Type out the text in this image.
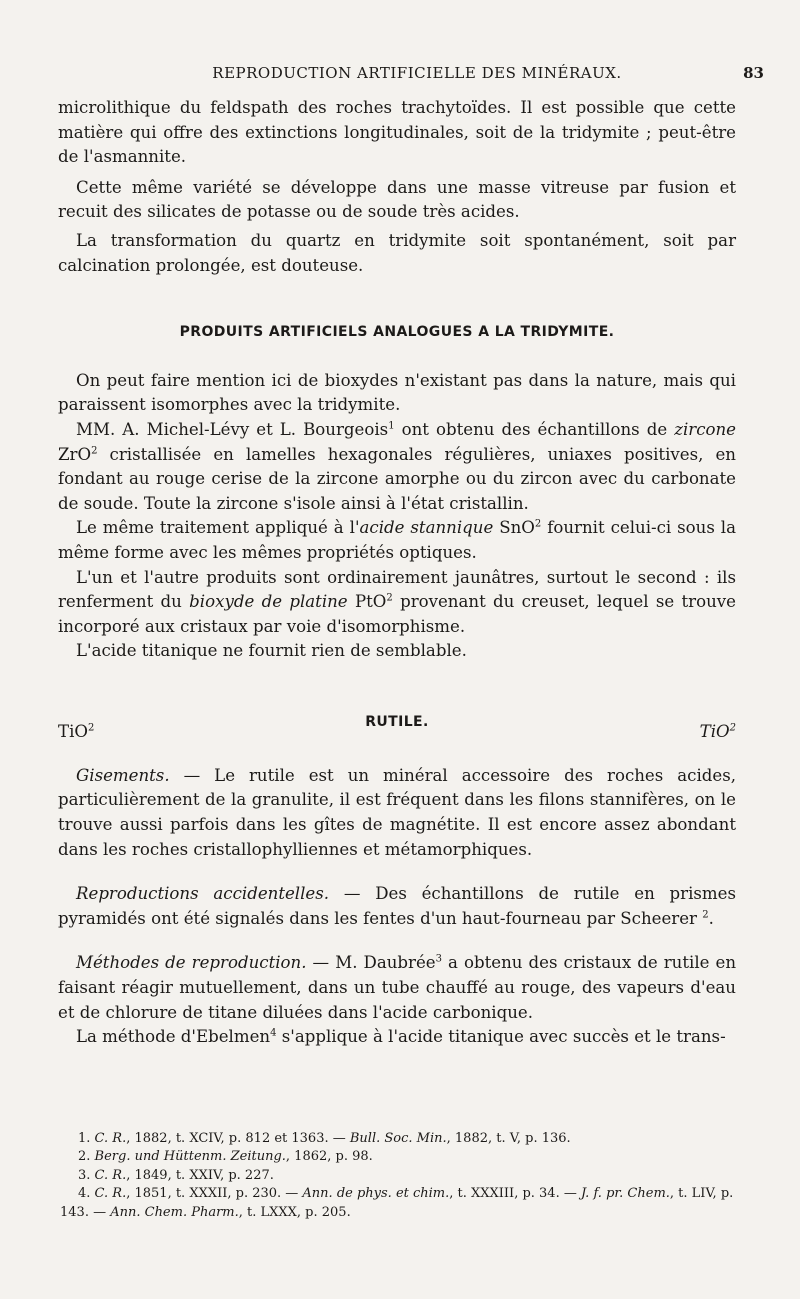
REPRODUCTION ARTIFICIELLE DES MINÉRAUX.	83

microlithique du feldspath des roches trachytoïdes. Il est possible que cette matière qui offre des extinctions longitudinales, soit de la tridymite ; peut-être de l'asmannite.

Cette même variété se développe dans une masse vitreuse par fusion et recuit des silicates de potasse ou de soude très acides.

La transformation du quartz en tridymite soit spontanément, soit par calcination prolongée, est douteuse.

PRODUITS ARTIFICIELS ANALOGUES A LA TRIDYMITE.

On peut faire mention ici de bioxydes n'existant pas dans la nature, mais qui paraissent isomorphes avec la tridymite.

MM. A. Michel-Lévy et L. Bourgeois$^1$ ont obtenu des échantillons de zircone ZrO$^2$ cristallisée en lamelles hexagonales régulières, uniaxes positives, en fondant au rouge cerise de la zircone amorphe ou du zircon avec du carbonate de soude. Toute la zircone s'isole ainsi à l'état cristallin.

Le même traitement appliqué à l'acide stannique SnO$^2$ fournit celui-ci sous la même forme avec les mêmes propriétés optiques.

L'un et l'autre produits sont ordinairement jaunâtres, surtout le second : ils renferment du bioxyde de platine PtO$^2$ provenant du creuset, lequel se trouve incorporé aux cristaux par voie d'isomorphisme.

L'acide titanique ne fournit rien de semblable.

RUTILE.
TiO$^2$	TiO$^2$

Gisements. — Le rutile est un minéral accessoire des roches acides, particulièrement de la granulite, il est fréquent dans les filons stannifères, on le trouve aussi parfois dans les gîtes de magnétite. Il est encore assez abondant dans les roches cristallophylliennes et métamorphiques.

Reproductions accidentelles. — Des échantillons de rutile en prismes pyramidés ont été signalés dans les fentes d'un haut-fourneau par Scheerer $^2$.

Méthodes de reproduction. — M. Daubrée$^3$ a obtenu des cristaux de rutile en faisant réagir mutuellement, dans un tube chauffé au rouge, des vapeurs d'eau et de chlorure de titane diluées dans l'acide carbonique.

La méthode d'Ebelmen$^4$ s'applique à l'acide titanique avec succès et le trans-

1. C. R., 1882, t. XCIV, p. 812 et 1363. — Bull. Soc. Min., 1882, t. V, p. 136.

2. Berg. und Hüttenm. Zeitung., 1862, p. 98.

3. C. R., 1849, t. XXIV, p. 227.

4. C. R., 1851, t. XXXII, p. 230. — Ann. de phys. et chim., t. XXXIII, p. 34. — J. f. pr. Chem., t. LIV, p. 143. — Ann. Chem. Pharm., t. LXXX, p. 205.
